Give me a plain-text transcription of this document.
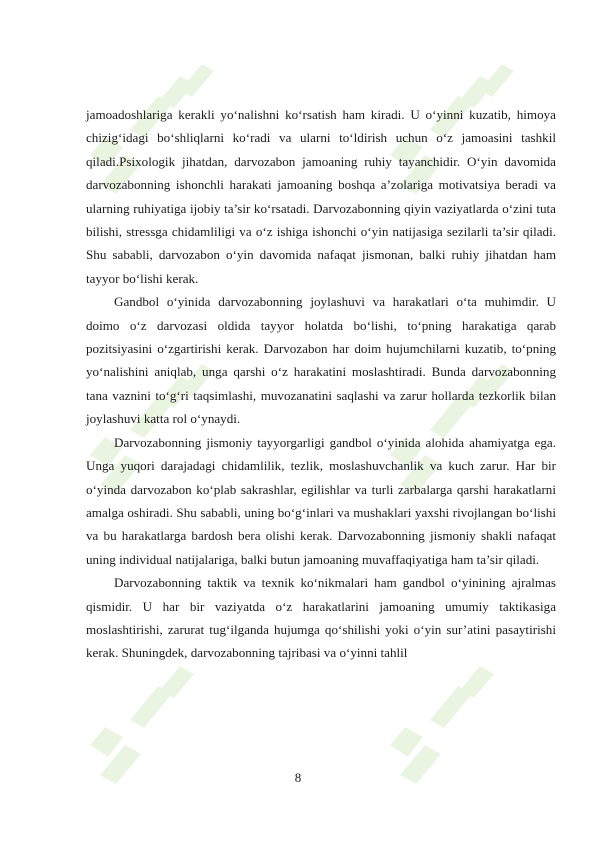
jamoadoshlariga kerakli yo‘nalishni ko‘rsatish ham kiradi. U o‘yinni kuzatib, himoya chizig‘idagi bo‘shliqlarni ko‘radi va ularni to‘ldirish uchun o‘z jamoasini tashkil qiladi.Psixologik jihatdan, darvozabon jamoaning ruhiy tayanchidir. O‘yin davomida darvozabonning ishonchli harakati jamoaning boshqa a’zolariga motivatsiya beradi va ularning ruhiyatiga ijobiy ta’sir ko‘rsatadi. Darvozabonning qiyin vaziyatlarda o‘zini tuta bilishi, stressga chidamliligi va o‘z ishiga ishonchi o‘yin natijasiga sezilarli ta’sir qiladi. Shu sababli, darvozabon o‘yin davomida nafaqat jismonan, balki ruhiy jihatdan ham tayyor bo‘lishi kerak.

Gandbol o‘yinida darvozabonning joylashuvi va harakatlari o‘ta muhimdir. U doimo o‘z darvozasi oldida tayyor holatda bo‘lishi, to‘pning harakatiga qarab pozitsiyasini o‘zgartirishi kerak. Darvozabon har doim hujumchilarni kuzatib, to‘pning yo‘nalishini aniqlab, unga qarshi o‘z harakatini moslashtiradi. Bunda darvozabonning tana vaznini to‘g‘ri taqsimlashi, muvozanatini saqlashi va zarur hollarda tezkorlik bilan joylashuvi katta rol o‘ynaydi.

Darvozabonning jismoniy tayyorgarligi gandbol o‘yinida alohida ahamiyatga ega. Unga yuqori darajadagi chidamlilik, tezlik, moslashuvchanlik va kuch zarur. Har bir o‘yinda darvozabon ko‘plab sakrashlar, egilishlar va turli zarbalarga qarshi harakatlarni amalga oshiradi. Shu sababli, uning bo‘g‘inlari va mushaklari yaxshi rivojlangan bo‘lishi va bu harakatlarga bardosh bera olishi kerak. Darvozabonning jismoniy shakli nafaqat uning individual natijalariga, balki butun jamoaning muvaffaqiyatiga ham ta’sir qiladi.

Darvozabonning taktik va texnik ko‘nikmalari ham gandbol o‘yinining ajralmas qismidir. U har bir vaziyatda o‘z harakatlarini jamoaning umumiy taktikasiga moslashtirishi, zarurat tug‘ilganda hujumga qo‘shilishi yoki o‘yin sur’atini pasaytirishi kerak. Shuningdek, darvozabonning tajribasi va o‘yinni tahlil

8
